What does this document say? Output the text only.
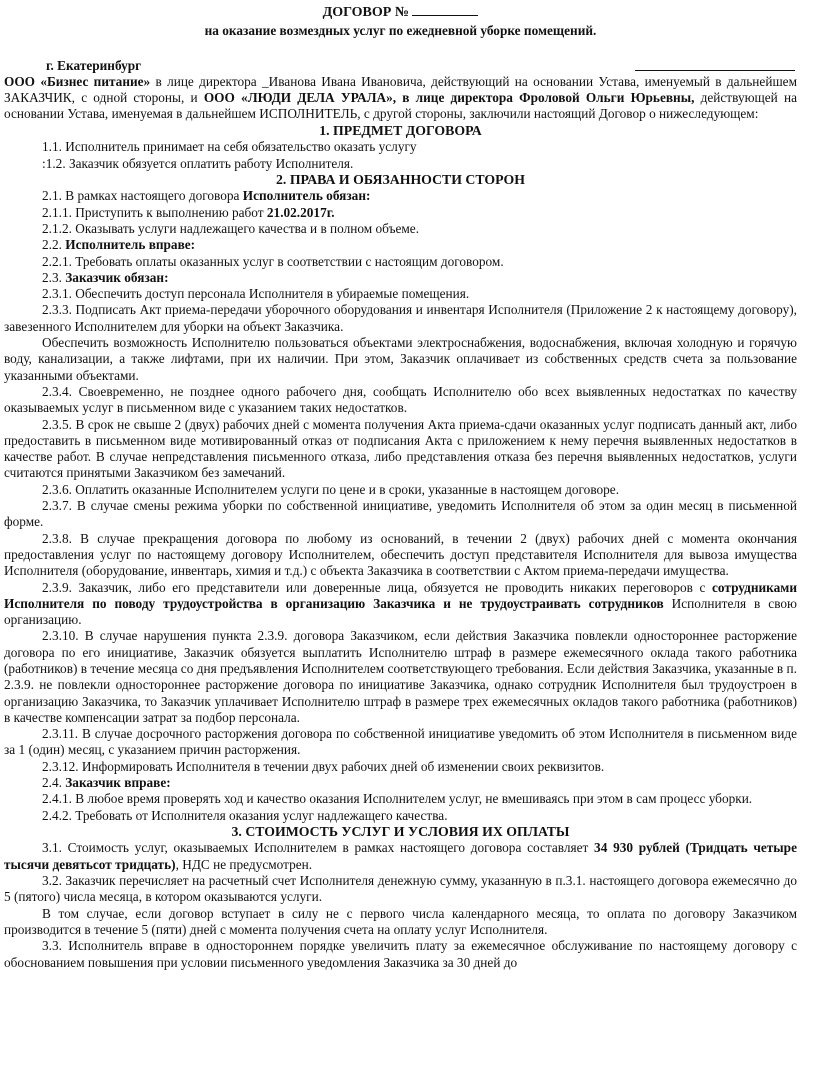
ДОГОВОР №
на оказание возмездных услуг по ежедневной уборке помещений.
г. Екатеринбург

ООО «Бизнес питание» в лице директора _Иванова Ивана Ивановича, действующий на основании Устава, именуемый в дальнейшем ЗАКАЗЧИК, с одной стороны, и ООО «ЛЮДИ ДЕЛА УРАЛА», в лице директора Фроловой Ольги Юрьевны, действующей на основании Устава, именуемая в дальнейшем ИСПОЛНИТЕЛЬ, с другой стороны, заключили настоящий Договор о нижеследующем:

1. ПРЕДМЕТ ДОГОВОРА

1.1. Исполнитель принимает на себя обязательство оказать услугу

:1.2. Заказчик обязуется оплатить работу Исполнителя.

2. ПРАВА И ОБЯЗАННОСТИ СТОРОН

2.1. В рамках настоящего договора Исполнитель обязан:

2.1.1. Приступить к выполнению работ 21.02.2017г.

2.1.2. Оказывать услуги надлежащего качества и в полном объеме.

2.2. Исполнитель вправе:

2.2.1. Требовать оплаты оказанных услуг в соответствии с настоящим договором.

2.3. Заказчик обязан:

2.3.1. Обеспечить доступ персонала Исполнителя в убираемые помещения.

2.3.3. Подписать Акт приема-передачи уборочного оборудования и инвентаря Исполнителя (Приложение 2 к настоящему договору), завезенного Исполнителем для уборки на объект Заказчика.

Обеспечить возможность Исполнителю пользоваться объектами электроснабжения, водоснабжения, включая холодную и горячую воду, канализации, а также лифтами, при их наличии. При этом, Заказчик оплачивает из собственных средств счета за пользование указанными объектами.

2.3.4. Своевременно, не позднее одного рабочего дня, сообщать Исполнителю обо всех выявленных недостатках по качеству оказываемых услуг в письменном виде с указанием таких недостатков.

2.3.5. В срок не свыше 2 (двух) рабочих дней с момента получения Акта приема-сдачи оказанных услуг подписать данный акт, либо предоставить в письменном виде мотивированный отказ от подписания Акта с приложением к нему перечня выявленных недостатков в качестве работ. В случае непредставления письменного отказа, либо представления отказа без перечня выявленных недостатков, услуги считаются принятыми Заказчиком без замечаний.

2.3.6. Оплатить оказанные Исполнителем услуги по цене и в сроки, указанные в настоящем договоре.

2.3.7. В случае смены режима уборки по собственной инициативе, уведомить Исполнителя об этом за один месяц в письменной форме.

2.3.8. В случае прекращения договора по любому из оснований, в течении 2 (двух) рабочих дней с момента окончания предоставления услуг по настоящему договору Исполнителем, обеспечить доступ представителя Исполнителя для вывоза имущества Исполнителя (оборудование, инвентарь, химия и т.д.) с объекта Заказчика в соответствии с Актом приема-передачи имущества.

2.3.9. Заказчик, либо его представители или доверенные лица, обязуется не проводить никаких переговоров с сотрудниками Исполнителя по поводу трудоустройства в организацию Заказчика и не трудоустраивать сотрудников Исполнителя в свою организацию.

2.3.10. В случае нарушения пункта 2.3.9. договора Заказчиком, если действия Заказчика повлекли одностороннее расторжение договора по его инициативе, Заказчик обязуется выплатить Исполнителю штраф в размере ежемесячного оклада такого работника (работников) в течение месяца со дня предъявления Исполнителем соответствующего требования. Если действия Заказчика, указанные в п. 2.3.9. не повлекли одностороннее расторжение договора по инициативе Заказчика, однако сотрудник Исполнителя был трудоустроен в организацию Заказчика, то Заказчик уплачивает Исполнителю штраф в размере трех ежемесячных окладов такого работника (работников) в качестве компенсации затрат за подбор персонала.

2.3.11. В случае досрочного расторжения договора по собственной инициативе уведомить об этом Исполнителя в письменном виде за 1 (один) месяц, с указанием причин расторжения.

2.3.12. Информировать Исполнителя в течении двух рабочих дней об изменении своих реквизитов.

2.4. Заказчик вправе:

2.4.1. В любое время проверять ход и качество оказания Исполнителем услуг, не вмешиваясь при этом в сам процесс уборки.

2.4.2. Требовать от Исполнителя оказания услуг надлежащего качества.

3. СТОИМОСТЬ УСЛУГ И УСЛОВИЯ ИХ ОПЛАТЫ

3.1. Стоимость услуг, оказываемых Исполнителем в рамках настоящего договора составляет 34 930 рублей (Тридцать четыре тысячи девятьсот тридцать), НДС не предусмотрен.

3.2. Заказчик перечисляет на расчетный счет Исполнителя денежную сумму, указанную в п.3.1. настоящего договора ежемесячно до 5 (пятого) числа месяца, в котором оказываются услуги.

В том случае, если договор вступает в силу не с первого числа календарного месяца, то оплата по договору Заказчиком производится в течение 5 (пяти) дней с момента получения счета на оплату услуг Исполнителя.

3.3. Исполнитель вправе в одностороннем порядке увеличить плату за ежемесячное обслуживание по настоящему договору с обоснованием повышения при условии письменного уведомления Заказчика за 30 дней до
